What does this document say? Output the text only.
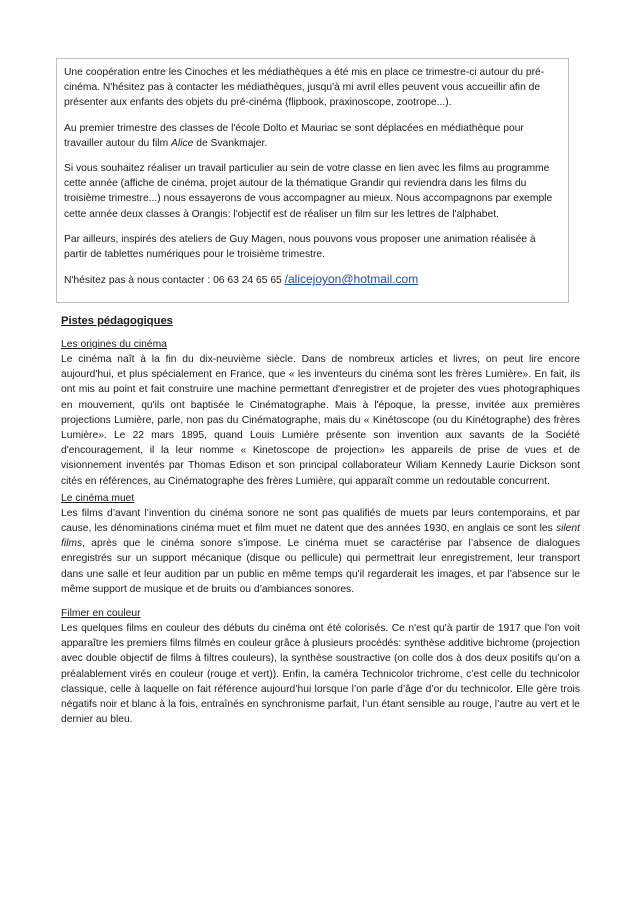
Une coopération entre les Cinoches et les médiathèques a été mis en place ce trimestre-ci autour du pré-cinéma. N'hésitez pas à contacter les médiathèques, jusqu'à mi avril elles peuvent vous accueillir afin de présenter aux enfants des objets du pré-cinéma (flipbook, praxinoscope, zootrope...).

Au premier trimestre des classes de l'école Dolto et Mauriac se sont déplacées en médiathèque pour travailler autour du film Alice de Svankmajer.

Si vous souhaitez réaliser un travail particulier au sein de votre classe en lien avec les films au programme cette année (affiche de cinéma, projet autour de la thématique Grandir qui reviendra dans les films du troisième trimestre...) nous essayerons de vous accompagner au mieux. Nous accompagnons par exemple cette année deux classes à Orangis: l'objectif est de réaliser un film sur les lettres de l'alphabet.

Par ailleurs, inspirés des ateliers de Guy Magen, nous pouvons vous proposer une animation réalisée à partir de tablettes numériques pour le troisième trimestre.

N'hésitez pas à nous contacter : 06 63 24 65 65 /alicejoyon@hotmail.com

Pistes pédagogiques
Les origines du cinéma

Le cinéma naît à la fin du dix-neuvième siècle. Dans de nombreux articles et livres, on peut lire encore aujourd'hui, et plus spécialement en France, que « les inventeurs du cinéma sont les frères Lumière». En fait, ils ont mis au point et fait construire une machine permettant d'enregistrer et de projeter des vues photographiques en mouvement, qu'ils ont baptisée le Cinématographe. Mais à l'époque, la presse, invitée aux premières projections Lumière, parle, non pas du Cinématographe, mais du « Kinétoscope (ou du Kinétographe) des frères Lumière». Le 22 mars 1895, quand Louis Lumière présente son invention aux savants de la Société d'encouragement, il la leur nomme « Kinetoscope de projection» les appareils de prise de vues et de visionnement inventés par Thomas Edison et son principal collaborateur Wiliam Kennedy Laurie Dickson sont cités en références, au Cinématographe des frères Lumière, qui apparaît comme un redoutable concurrent.

Le cinéma muet

Les films d’avant l’invention du cinéma sonore ne sont pas qualifiés de muets par leurs contemporains, et par cause, les dénominations cinéma muet et film muet ne datent que des années 1930, en anglais ce sont les silent films, après que le cinéma sonore s’impose. Le cinéma muet se caractérise par l’absence de dialogues enregistrés sur un support mécanique (disque ou pellicule) qui permettrait leur enregistrement, leur transport dans une salle et leur audition par un public en même temps qu'il regarderait les images, et par l’absence sur le même support de musique et de bruits ou d’ambiances sonores.

Filmer en couleur

Les quelques films en couleur des débuts du cinéma ont été colorisés. Ce n'est qu'à partir de 1917 que l'on voit apparaître les premiers films filmés en couleur grâce à plusieurs procédés: synthèse additive bichrome (projection avec double objectif de films à filtres couleurs), la synthèse soustractive (on colle dos à dos deux positifs qu’on a préalablement virés en couleur (rouge et vert)). Enfin, la caméra Technicolor trichrome, c’est celle du technicolor classique, celle à laquelle on fait référence aujourd’hui lorsque l’on parle d’âge d’or du technicolor. Elle gère trois négatifs noir et blanc à la fois, entraînés en synchronisme parfait, l’un étant sensible au rouge, l’autre au vert et le dernier au bleu.
